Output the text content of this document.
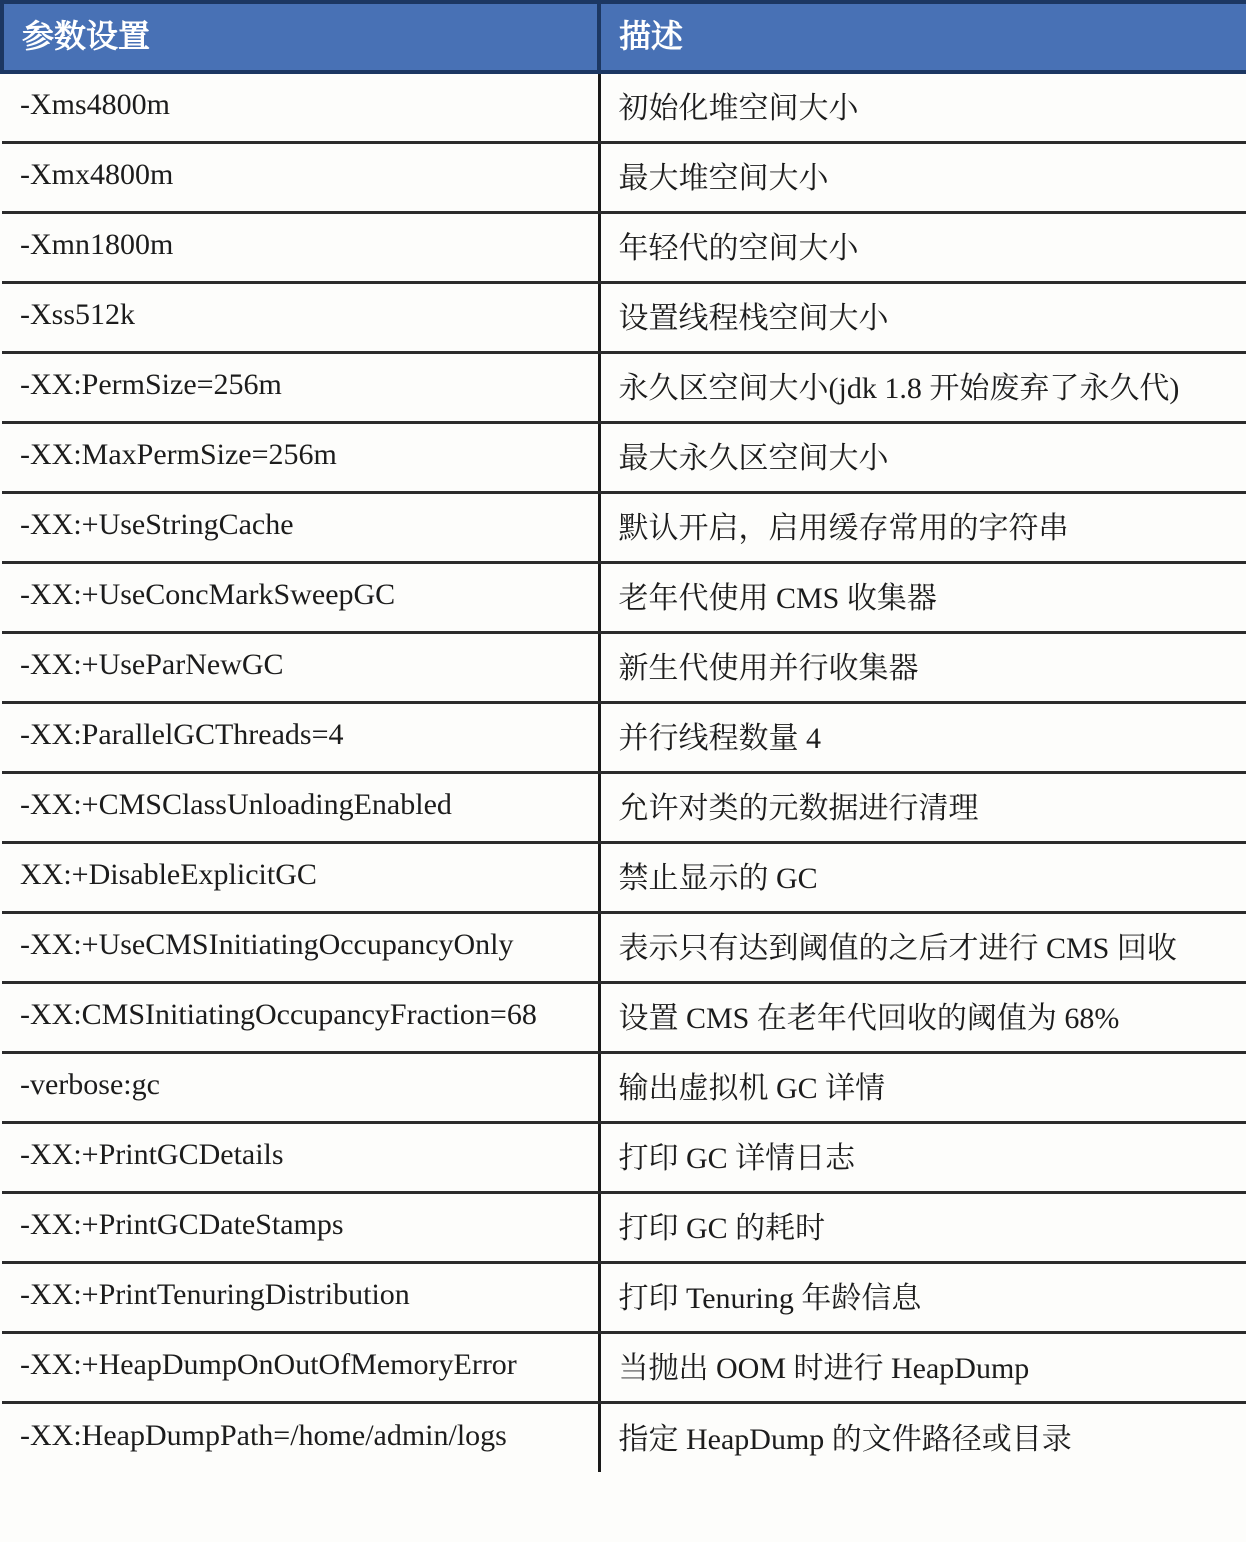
参数设置	描述
-Xms4800m	初始化堆空间大小
-Xmx4800m	最大堆空间大小
-Xmn1800m	年轻代的空间大小
-Xss512k	设置线程栈空间大小
-XX:PermSize=256m	永久区空间大小(jdk 1.8 开始废弃了永久代)
-XX:MaxPermSize=256m	最大永久区空间大小
-XX:+UseStringCache	默认开启，启用缓存常用的字符串
-XX:+UseConcMarkSweepGC	老年代使用 CMS 收集器
-XX:+UseParNewGC	新生代使用并行收集器
-XX:ParallelGCThreads=4	并行线程数量 4
-XX:+CMSClassUnloadingEnabled	允许对类的元数据进行清理
XX:+DisableExplicitGC	禁止显示的 GC
-XX:+UseCMSInitiatingOccupancyOnly	表示只有达到阈值的之后才进行 CMS 回收
-XX:CMSInitiatingOccupancyFraction=68	设置 CMS 在老年代回收的阈值为 68%
-verbose:gc	输出虚拟机 GC 详情
-XX:+PrintGCDetails	打印 GC 详情日志
-XX:+PrintGCDateStamps	打印 GC 的耗时
-XX:+PrintTenuringDistribution	打印 Tenuring 年龄信息
-XX:+HeapDumpOnOutOfMemoryError	当抛出 OOM 时进行 HeapDump
-XX:HeapDumpPath=/home/admin/logs	指定 HeapDump 的文件路径或目录
